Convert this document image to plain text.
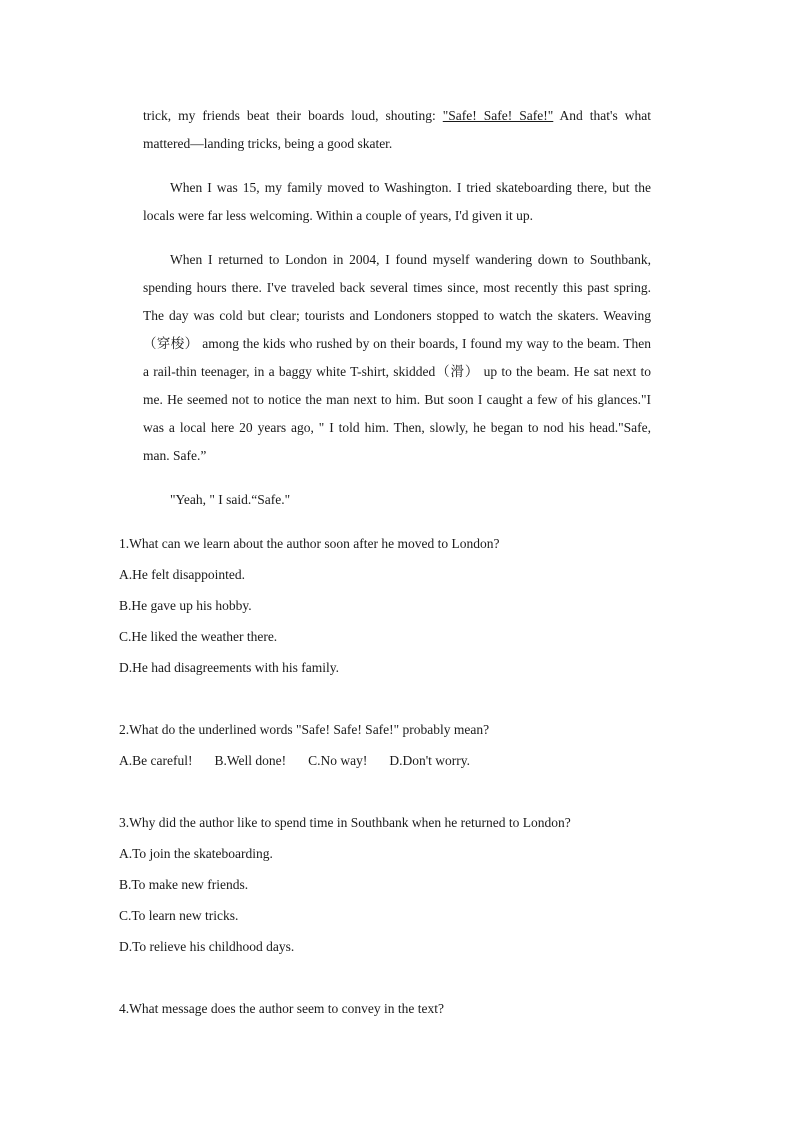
trick, my friends beat their boards loud, shouting: "Safe! Safe! Safe!" And that's what mattered—landing tricks, being a good skater.

When I was 15, my family moved to Washington. I tried skateboarding there, but the locals were far less welcoming. Within a couple of years, I'd given it up.

When I returned to London in 2004, I found myself wandering down to Southbank, spending hours there. I've traveled back several times since, most recently this past spring. The day was cold but clear; tourists and Londoners stopped to watch the skaters. Weaving（穿梭） among the kids who rushed by on their boards, I found my way to the beam. Then a rail-thin teenager, in a baggy white T-shirt, skidded（滑） up to the beam. He sat next to me. He seemed not to notice the man next to him. But soon I caught a few of his glances."I was a local here 20 years ago, " I told him. Then, slowly, he began to nod his head."Safe, man. Safe.”

"Yeah, " I said.“Safe."

1.What can we learn about the author soon after he moved to London?

A.He felt disappointed.

B.He gave up his hobby.

C.He liked the weather there.

D.He had disagreements with his family.

2.What do the underlined words "Safe! Safe! Safe!" probably mean?

A.Be careful! B.Well done! C.No way! D.Don't worry.

3.Why did the author like to spend time in Southbank when he returned to London?

A.To join the skateboarding.

B.To make new friends.

C.To learn new tricks.

D.To relieve his childhood days.

4.What message does the author seem to convey in the text?
